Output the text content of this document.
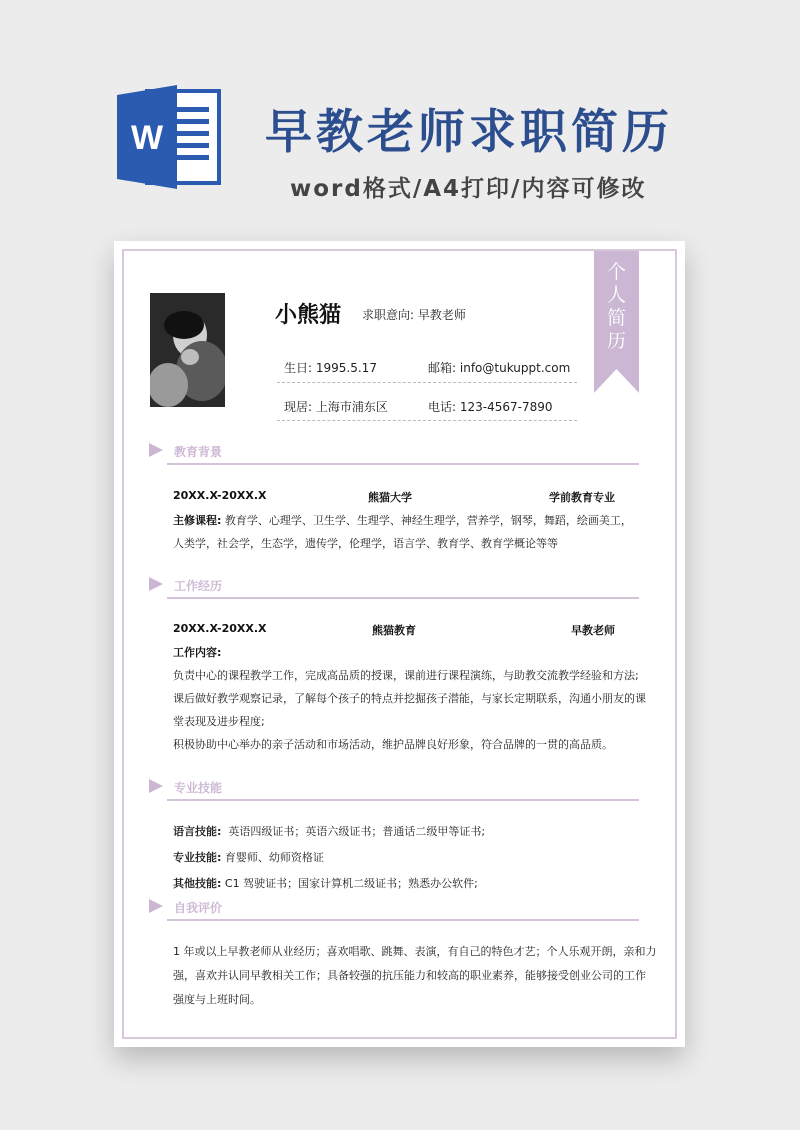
W 早教老师求职简历
word格式/A4打印/内容可修改
个
人
简
历
小熊猫 求职意向: 早教老师
生日: 1995.5.17	邮箱: info@tukuppt.com
现居: 上海市浦东区	电话: 123-4567-7890
教育背景
20XX.X-20XX.X	熊猫大学	学前教育专业
主修课程: 教育学、心理学、卫生学、生理学、神经生理学，营养学，钢琴，舞蹈，绘画美工，人类学，社会学，生态学，遗传学，伦理学，语言学、教育学、教育学概论等等
工作经历
20XX.X-20XX.X	熊猫教育	早教老师
工作内容:
负责中心的课程教学工作，完成高品质的授课，课前进行课程演练，与助教交流教学经验和方法;
课后做好教学观察记录，了解每个孩子的特点并挖掘孩子潜能，与家长定期联系，沟通小朋友的课
堂表现及进步程度;
积极协助中心举办的亲子活动和市场活动，维护品牌良好形象，符合品牌的一贯的高品质。
专业技能
语言技能: 英语四级证书；英语六级证书；普通话二级甲等证书;
专业技能: 育婴师、幼师资格证
其他技能: C1 驾驶证书；国家计算机二级证书；熟悉办公软件;
自我评价
1 年或以上早教老师从业经历；喜欢唱歌、跳舞、表演，有自己的特色才艺；个人乐观开朗，亲和力
强，喜欢并认同早教相关工作；具备较强的抗压能力和较高的职业素养，能够接受创业公司的工作
强度与上班时间。
